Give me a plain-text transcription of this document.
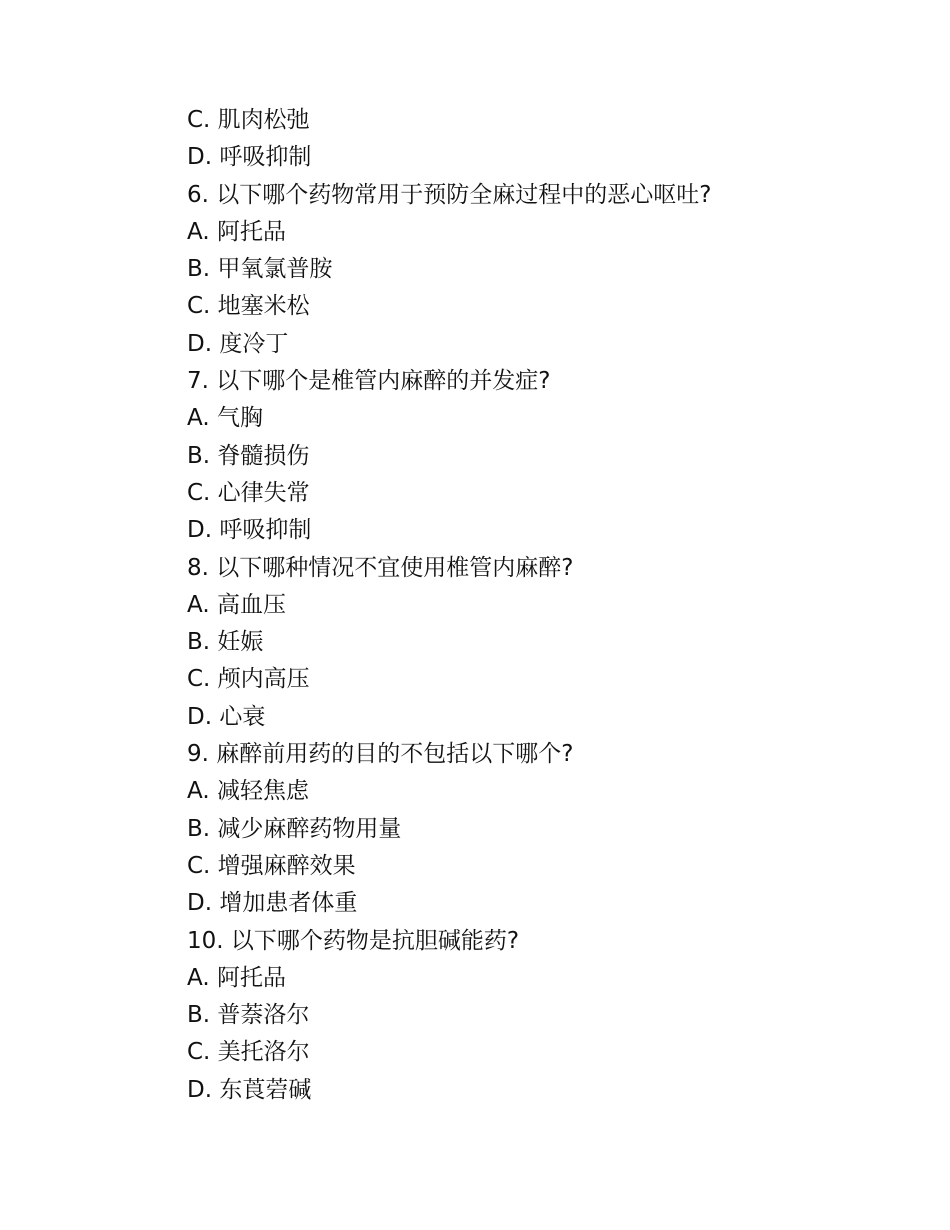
C. 肌肉松弛
D. 呼吸抑制
6. 以下哪个药物常用于预防全麻过程中的恶心呕吐?
A. 阿托品
B. 甲氧氯普胺
C. 地塞米松
D. 度冷丁
7. 以下哪个是椎管内麻醉的并发症?
A. 气胸
B. 脊髓损伤
C. 心律失常
D. 呼吸抑制
8. 以下哪种情况不宜使用椎管内麻醉?
A. 高血压
B. 妊娠
C. 颅内高压
D. 心衰
9. 麻醉前用药的目的不包括以下哪个?
A. 减轻焦虑
B. 减少麻醉药物用量
C. 增强麻醉效果
D. 增加患者体重
10. 以下哪个药物是抗胆碱能药?
A. 阿托品
B. 普萘洛尔
C. 美托洛尔
D. 东莨菪碱
